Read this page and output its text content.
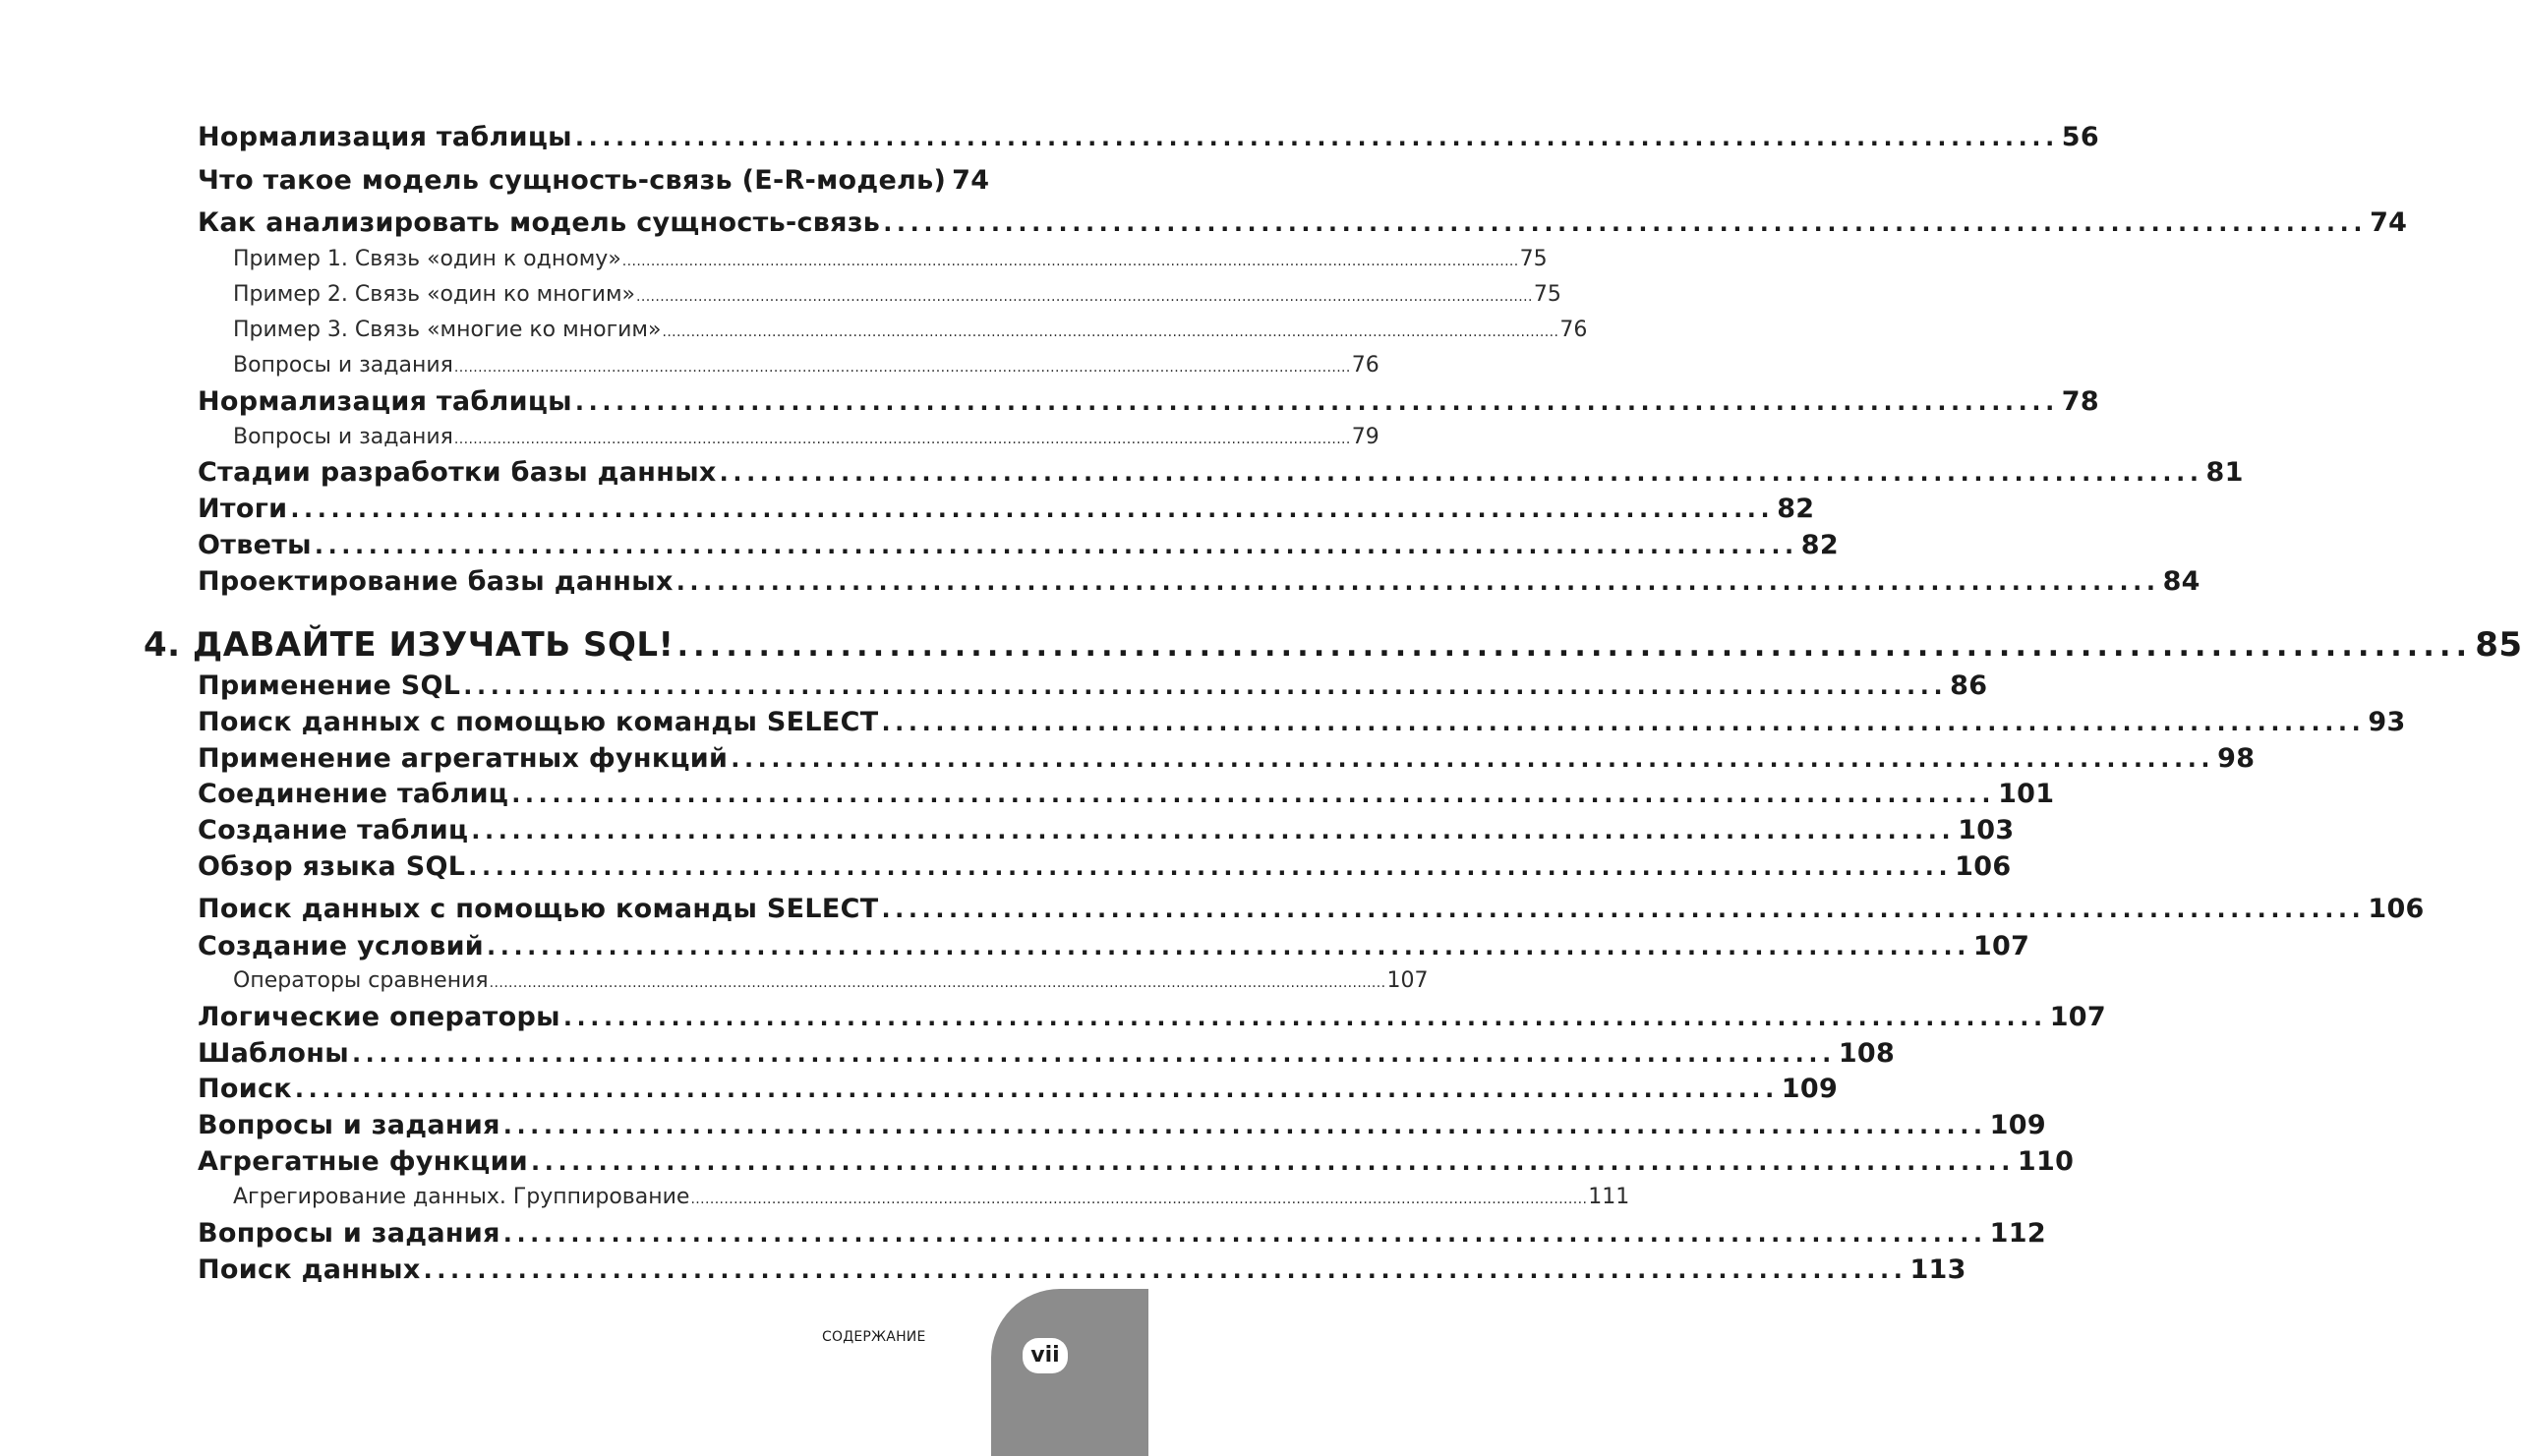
Нормализация таблицы .............................................................................................................. 56
Что такое модель сущность-связь (E-R-модель) 74
Как анализировать модель сущность-связь .............................................................................................................. 74
Пример 1. Связь «один к одному» ............................................................................................................................................................................................ 75
Пример 2. Связь «один ко многим» ............................................................................................................................................................................................ 75
Пример 3. Связь «многие ко многим» ............................................................................................................................................................................................ 76
Вопросы и задания ............................................................................................................................................................................................ 76
Нормализация таблицы .............................................................................................................. 78
Вопросы и задания ............................................................................................................................................................................................ 79
Стадии разработки базы данных .............................................................................................................. 81
Итоги .............................................................................................................. 82
Ответы .............................................................................................................. 82
Проектирование базы данных .............................................................................................................. 84
4. ДАВАЙТЕ ИЗУЧАТЬ SQL! .............................................................................................................. 85
Применение SQL .............................................................................................................. 86
Поиск данных с помощью команды SELECT .............................................................................................................. 93
Применение агрегатных функций .............................................................................................................. 98
Соединение таблиц .............................................................................................................. 101
Создание таблиц .............................................................................................................. 103
Обзор языка SQL .............................................................................................................. 106
Поиск данных с помощью команды SELECT .............................................................................................................. 106
Создание условий .............................................................................................................. 107
Операторы сравнения ............................................................................................................................................................................................ 107
Логические операторы .............................................................................................................. 107
Шаблоны .............................................................................................................. 108
Поиск .............................................................................................................. 109
Вопросы и задания .............................................................................................................. 109
Агрегатные функции .............................................................................................................. 110
Агрегирование данных. Группирование ............................................................................................................................................................................................ 111
Вопросы и задания .............................................................................................................. 112
Поиск данных .............................................................................................................. 113
СОДЕРЖАНИЕ
vii
